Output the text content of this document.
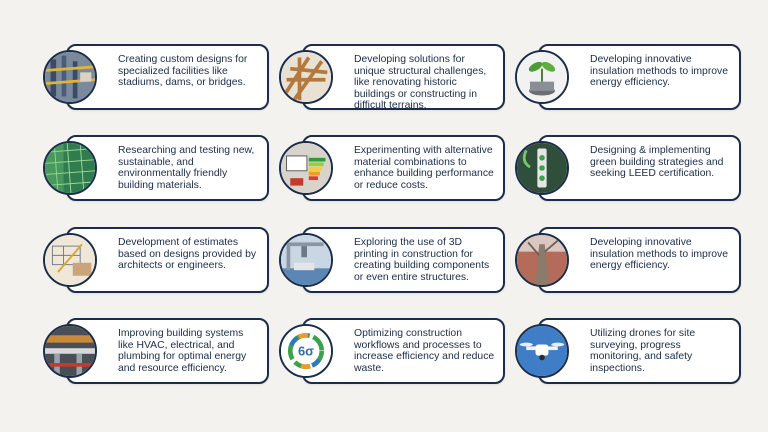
Creating custom designs for specialized facilities like stadiums, dams, or bridges.
Developing solutions for unique structural challenges, like renovating historic buildings or constructing in difficult terrains.
Developing innovative insulation methods to improve energy efficiency.
Researching and testing new, sustainable, and environmentally friendly building materials.
Experimenting with alternative material combinations to enhance building performance or reduce costs.
Designing & implementing green building strategies and seeking LEED certification.
Development of estimates based on designs provided by architects or engineers.
Exploring the use of 3D printing in construction for creating building components or even entire structures.
Developing innovative insulation methods to improve energy efficiency.
Improving building systems like HVAC, electrical, and plumbing for optimal energy and resource efficiency.
Optimizing construction workflows and processes to increase efficiency and reduce waste.
6σ
Utilizing drones for site surveying, progress monitoring, and safety inspections.
